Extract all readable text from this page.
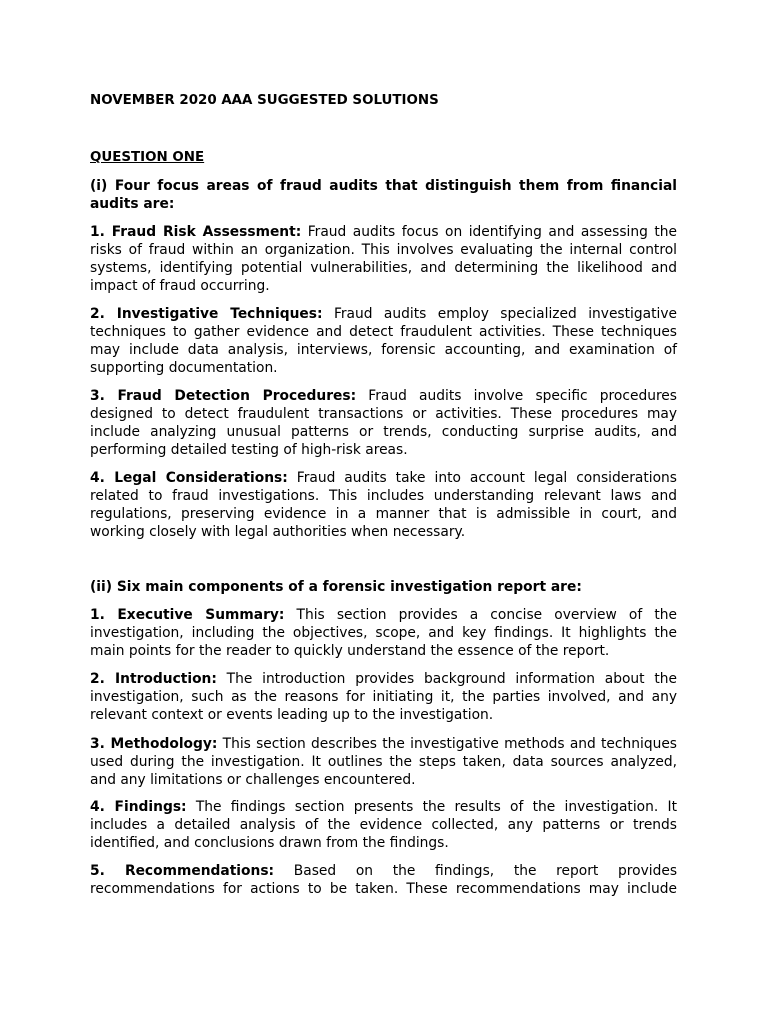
NOVEMBER 2020 AAA SUGGESTED SOLUTIONS
QUESTION ONE
(i) Four focus areas of fraud audits that distinguish them from financial audits are:
1. Fraud Risk Assessment: Fraud audits focus on identifying and assessing the risks of fraud within an organization. This involves evaluating the internal control systems, identifying potential vulnerabilities, and determining the likelihood and impact of fraud occurring.
2. Investigative Techniques: Fraud audits employ specialized investigative techniques to gather evidence and detect fraudulent activities. These techniques may include data analysis, interviews, forensic accounting, and examination of supporting documentation.
3. Fraud Detection Procedures: Fraud audits involve specific procedures designed to detect fraudulent transactions or activities. These procedures may include analyzing unusual patterns or trends, conducting surprise audits, and performing detailed testing of high-risk areas.
4. Legal Considerations: Fraud audits take into account legal considerations related to fraud investigations. This includes understanding relevant laws and regulations, preserving evidence in a manner that is admissible in court, and working closely with legal authorities when necessary.
(ii) Six main components of a forensic investigation report are:
1. Executive Summary: This section provides a concise overview of the investigation, including the objectives, scope, and key findings. It highlights the main points for the reader to quickly understand the essence of the report.
2. Introduction: The introduction provides background information about the investigation, such as the reasons for initiating it, the parties involved, and any relevant context or events leading up to the investigation.
3. Methodology: This section describes the investigative methods and techniques used during the investigation. It outlines the steps taken, data sources analyzed, and any limitations or challenges encountered.
4. Findings: The findings section presents the results of the investigation. It includes a detailed analysis of the evidence collected, any patterns or trends identified, and conclusions drawn from the findings.
5. Recommendations: Based on the findings, the report provides recommendations for actions to be taken. These recommendations may include
